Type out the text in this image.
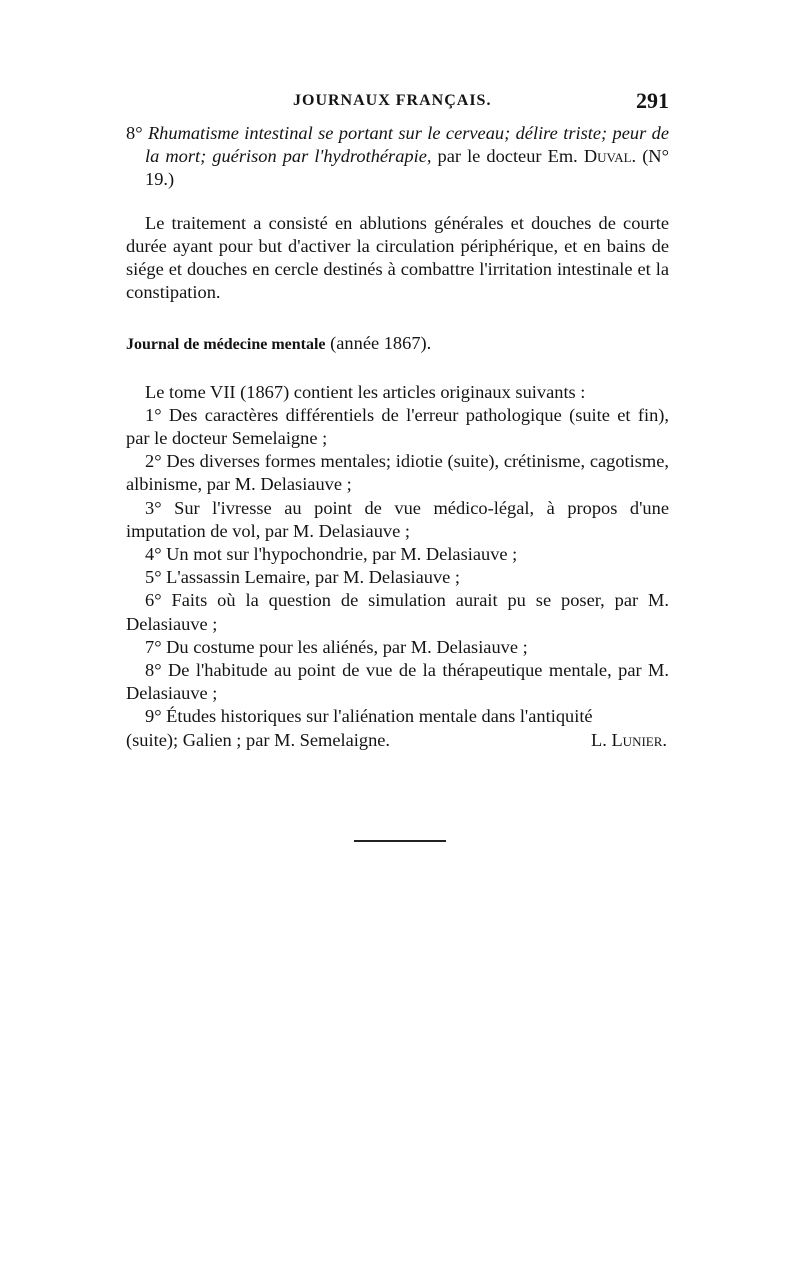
JOURNAUX FRANÇAIS.	291

8° Rhumatisme intestinal se portant sur le cerveau; délire triste; peur de la mort; guérison par l'hydrothérapie, par le docteur Em. Duval. (N° 19.)

Le traitement a consisté en ablutions générales et douches de courte durée ayant pour but d'activer la circulation périphérique, et en bains de siége et douches en cercle destinés à combattre l'irritation intestinale et la constipation.

Journal de médecine mentale (année 1867).

Le tome VII (1867) contient les articles originaux suivants :

1° Des caractères différentiels de l'erreur pathologique (suite et fin), par le docteur Semelaigne ;

2° Des diverses formes mentales; idiotie (suite), crétinisme, cagotisme, albinisme, par M. Delasiauve ;

3° Sur l'ivresse au point de vue médico-légal, à propos d'une imputation de vol, par M. Delasiauve ;

4° Un mot sur l'hypochondrie, par M. Delasiauve ;

5° L'assassin Lemaire, par M. Delasiauve ;

6° Faits où la question de simulation aurait pu se poser, par M. Delasiauve ;

7° Du costume pour les aliénés, par M. Delasiauve ;

8° De l'habitude au point de vue de la thérapeutique mentale, par M. Delasiauve ;

9° Études historiques sur l'aliénation mentale dans l'antiquité

(suite); Galien ; par M. Semelaigne.	L. Lunier.
